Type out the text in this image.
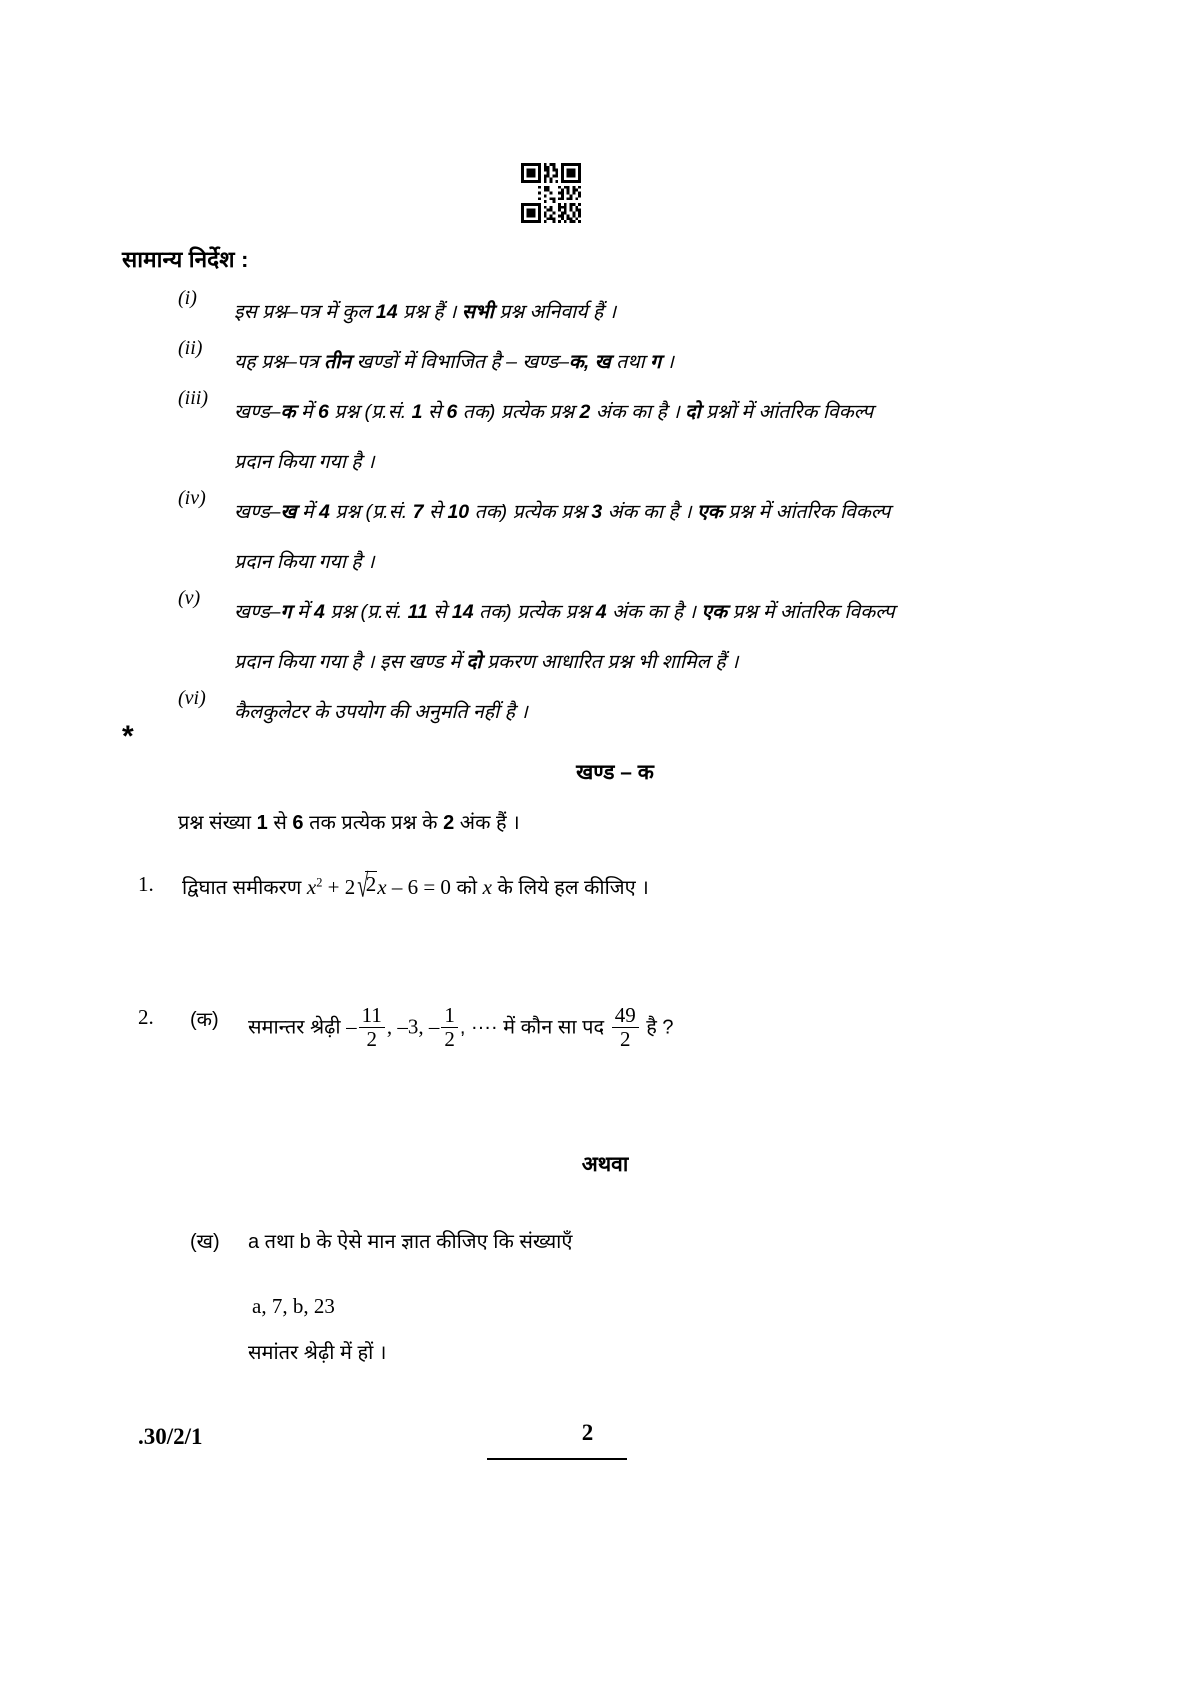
सामान्य निर्देश :
(i)
इस प्रश्न–पत्र में कुल 14 प्रश्न हैं । सभी प्रश्न अनिवार्य हैं ।
(ii)
यह प्रश्न–पत्र तीन खण्डों में विभाजित है – खण्ड–क, ख तथा ग ।
(iii)
खण्ड–क में 6 प्रश्न (प्र.सं. 1 से 6 तक) प्रत्येक प्रश्न 2 अंक का है । दो प्रश्नों में आंतरिक विकल्प
प्रदान किया गया है ।
(iv)
खण्ड–ख में 4 प्रश्न (प्र.सं. 7 से 10 तक) प्रत्येक प्रश्न 3 अंक का है । एक प्रश्न में आंतरिक विकल्प
प्रदान किया गया है ।
(v)
खण्ड–ग में 4 प्रश्न (प्र.सं. 11 से 14 तक) प्रत्येक प्रश्न 4 अंक का है । एक प्रश्न में आंतरिक विकल्प
प्रदान किया गया है । इस खण्ड में दो प्रकरण आधारित प्रश्न भी शामिल हैं ।
(vi)
कैलकुलेटर के उपयोग की अनुमति नहीं है ।
*
खण्ड – क
प्रश्न संख्या 1 से 6 तक प्रत्येक प्रश्न के 2 अंक हैं ।
1. द्विघात समीकरण $x^2 + 2$ √2x – 6 = 0 को x के लिये हल कीजिए ।
2. (क) समान्तर श्रेढ़ी – $\frac{11}{2}$ , –3, – $\frac{1}{2}$ , ···· में कौन सा पद $\frac{49}{2}$ है ?
अथवा
(ख) a तथा b के ऐसे मान ज्ञात कीजिए कि संख्याएँ
a, 7, b, 23
समांतर श्रेढ़ी में हों ।
.30/2/1	2
